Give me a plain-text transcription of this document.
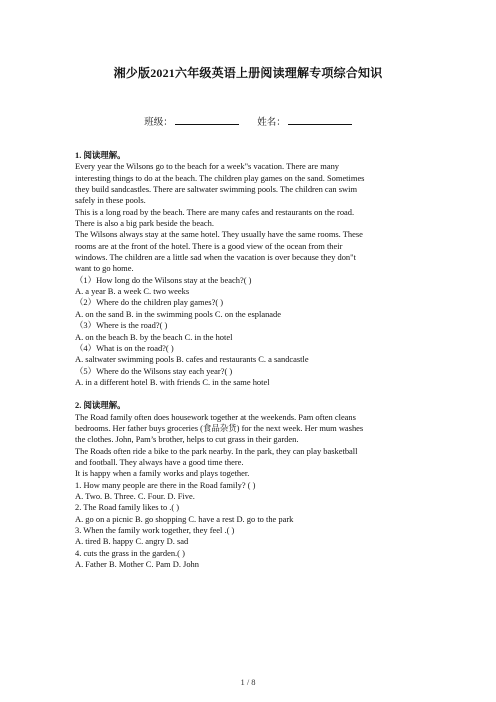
湘少版2021六年级英语上册阅读理解专项综合知识
班级：	姓名：
1. 阅读理解。
Every year the Wilsons go to the beach for a week"s vacation. There are many
interesting things to do at the beach. The children play games on the sand. Sometimes
they build sandcastles. There are saltwater swimming pools. The children can swim
safely in these pools.
This is a long road by the beach. There are many cafes and restaurants on the road.
There is also a big park beside the beach.
The Wilsons always stay at the same hotel. They usually have the same rooms. These
rooms are at the front of the hotel. There is a good view of the ocean from their
windows. The children are a little sad when the vacation is over because they don"t
want to go home.
（1）How long do the Wilsons stay at the beach?( )
A. a year B. a week C. two weeks
（2）Where do the children play games?( )
A. on the sand B. in the swimming pools C. on the esplanade
（3）Where is the road?( )
A. on the beach B. by the beach C. in the hotel
（4）What is on the road?( )
A. saltwater swimming pools B. cafes and restaurants C. a sandcastle
（5）Where do the Wilsons stay each year?( )
A. in a different hotel B. with friends C. in the same hotel
2. 阅读理解。
The Road family often does housework together at the weekends. Pam often cleans
bedrooms. Her father buys groceries (食品杂货) for the next week. Her mum washes
the clothes. John, Pam’s brother, helps to cut grass in their garden.
The Roads often ride a bike to the park nearby. In the park, they can play basketball
and football. They always have a good time there.
It is happy when a family works and plays together.
1. How many people are there in the Road family? ( )
A. Two. B. Three. C. Four. D. Five.
2. The Road family likes to .( )
A. go on a picnic B. go shopping C. have a rest D. go to the park
3. When the family work together, they feel .( )
A. tired B. happy C. angry D. sad
4. cuts the grass in the garden.( )
A. Father B. Mother C. Pam D. John
1 / 8
